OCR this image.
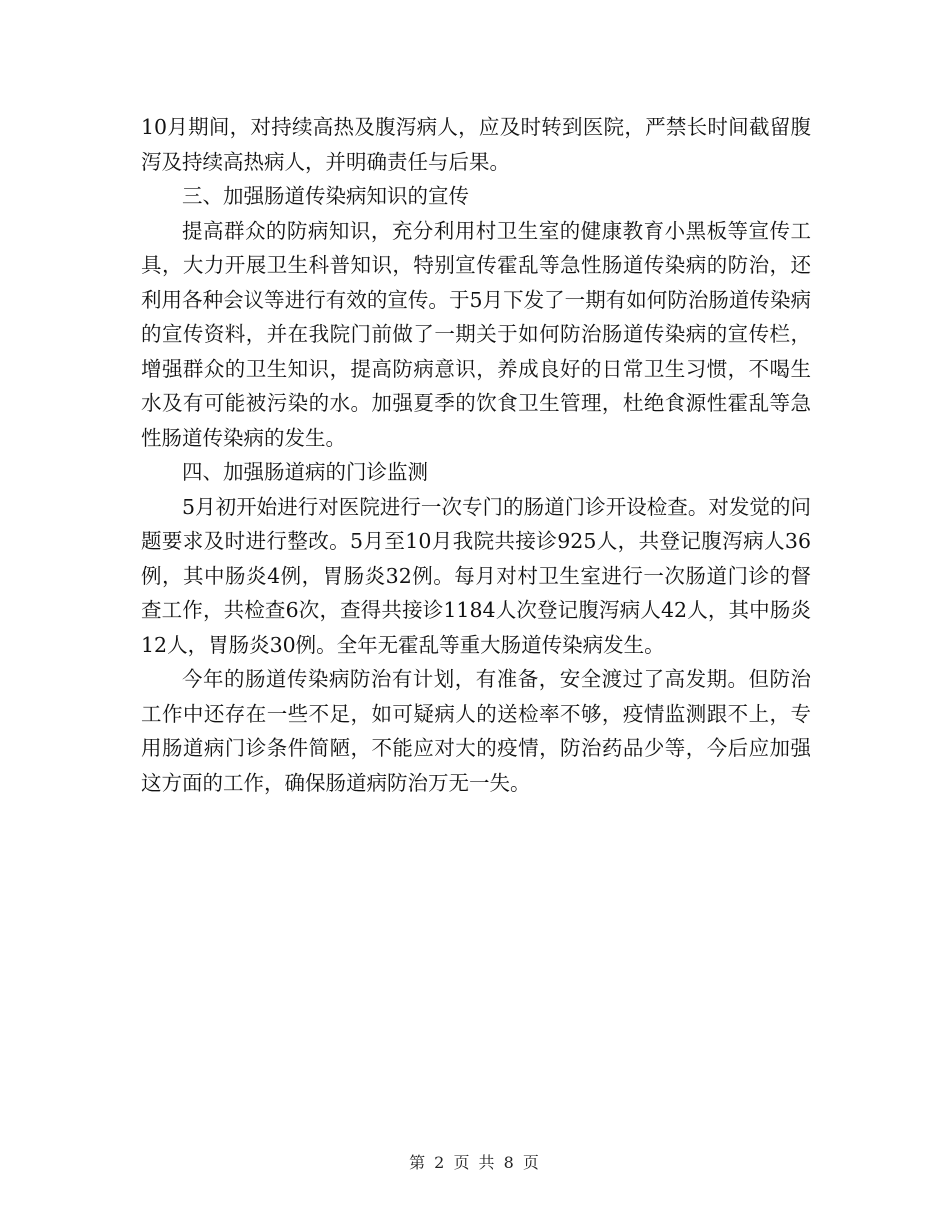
10月期间，对持续高热及腹泻病人，应及时转到医院，严禁长时间截留腹泻及持续高热病人，并明确责任与后果。

三、加强肠道传染病知识的宣传

提高群众的防病知识，充分利用村卫生室的健康教育小黑板等宣传工具，大力开展卫生科普知识，特别宣传霍乱等急性肠道传染病的防治，还利用各种会议等进行有效的宣传。于5月下发了一期有如何防治肠道传染病的宣传资料，并在我院门前做了一期关于如何防治肠道传染病的宣传栏，增强群众的卫生知识，提高防病意识，养成良好的日常卫生习惯，不喝生水及有可能被污染的水。加强夏季的饮食卫生管理，杜绝食源性霍乱等急性肠道传染病的发生。

四、加强肠道病的门诊监测

5月初开始进行对医院进行一次专门的肠道门诊开设检查。对发觉的问题要求及时进行整改。5月至10月我院共接诊925人，共登记腹泻病人36例，其中肠炎4例，胃肠炎32例。每月对村卫生室进行一次肠道门诊的督查工作，共检查6次，查得共接诊1184人次登记腹泻病人42人，其中肠炎12人，胃肠炎30例。全年无霍乱等重大肠道传染病发生。

今年的肠道传染病防治有计划，有准备，安全渡过了高发期。但防治工作中还存在一些不足，如可疑病人的送检率不够，疫情监测跟不上，专用肠道病门诊条件简陋，不能应对大的疫情，防治药品少等，今后应加强这方面的工作，确保肠道病防治万无一失。

第 2 页 共 8 页
